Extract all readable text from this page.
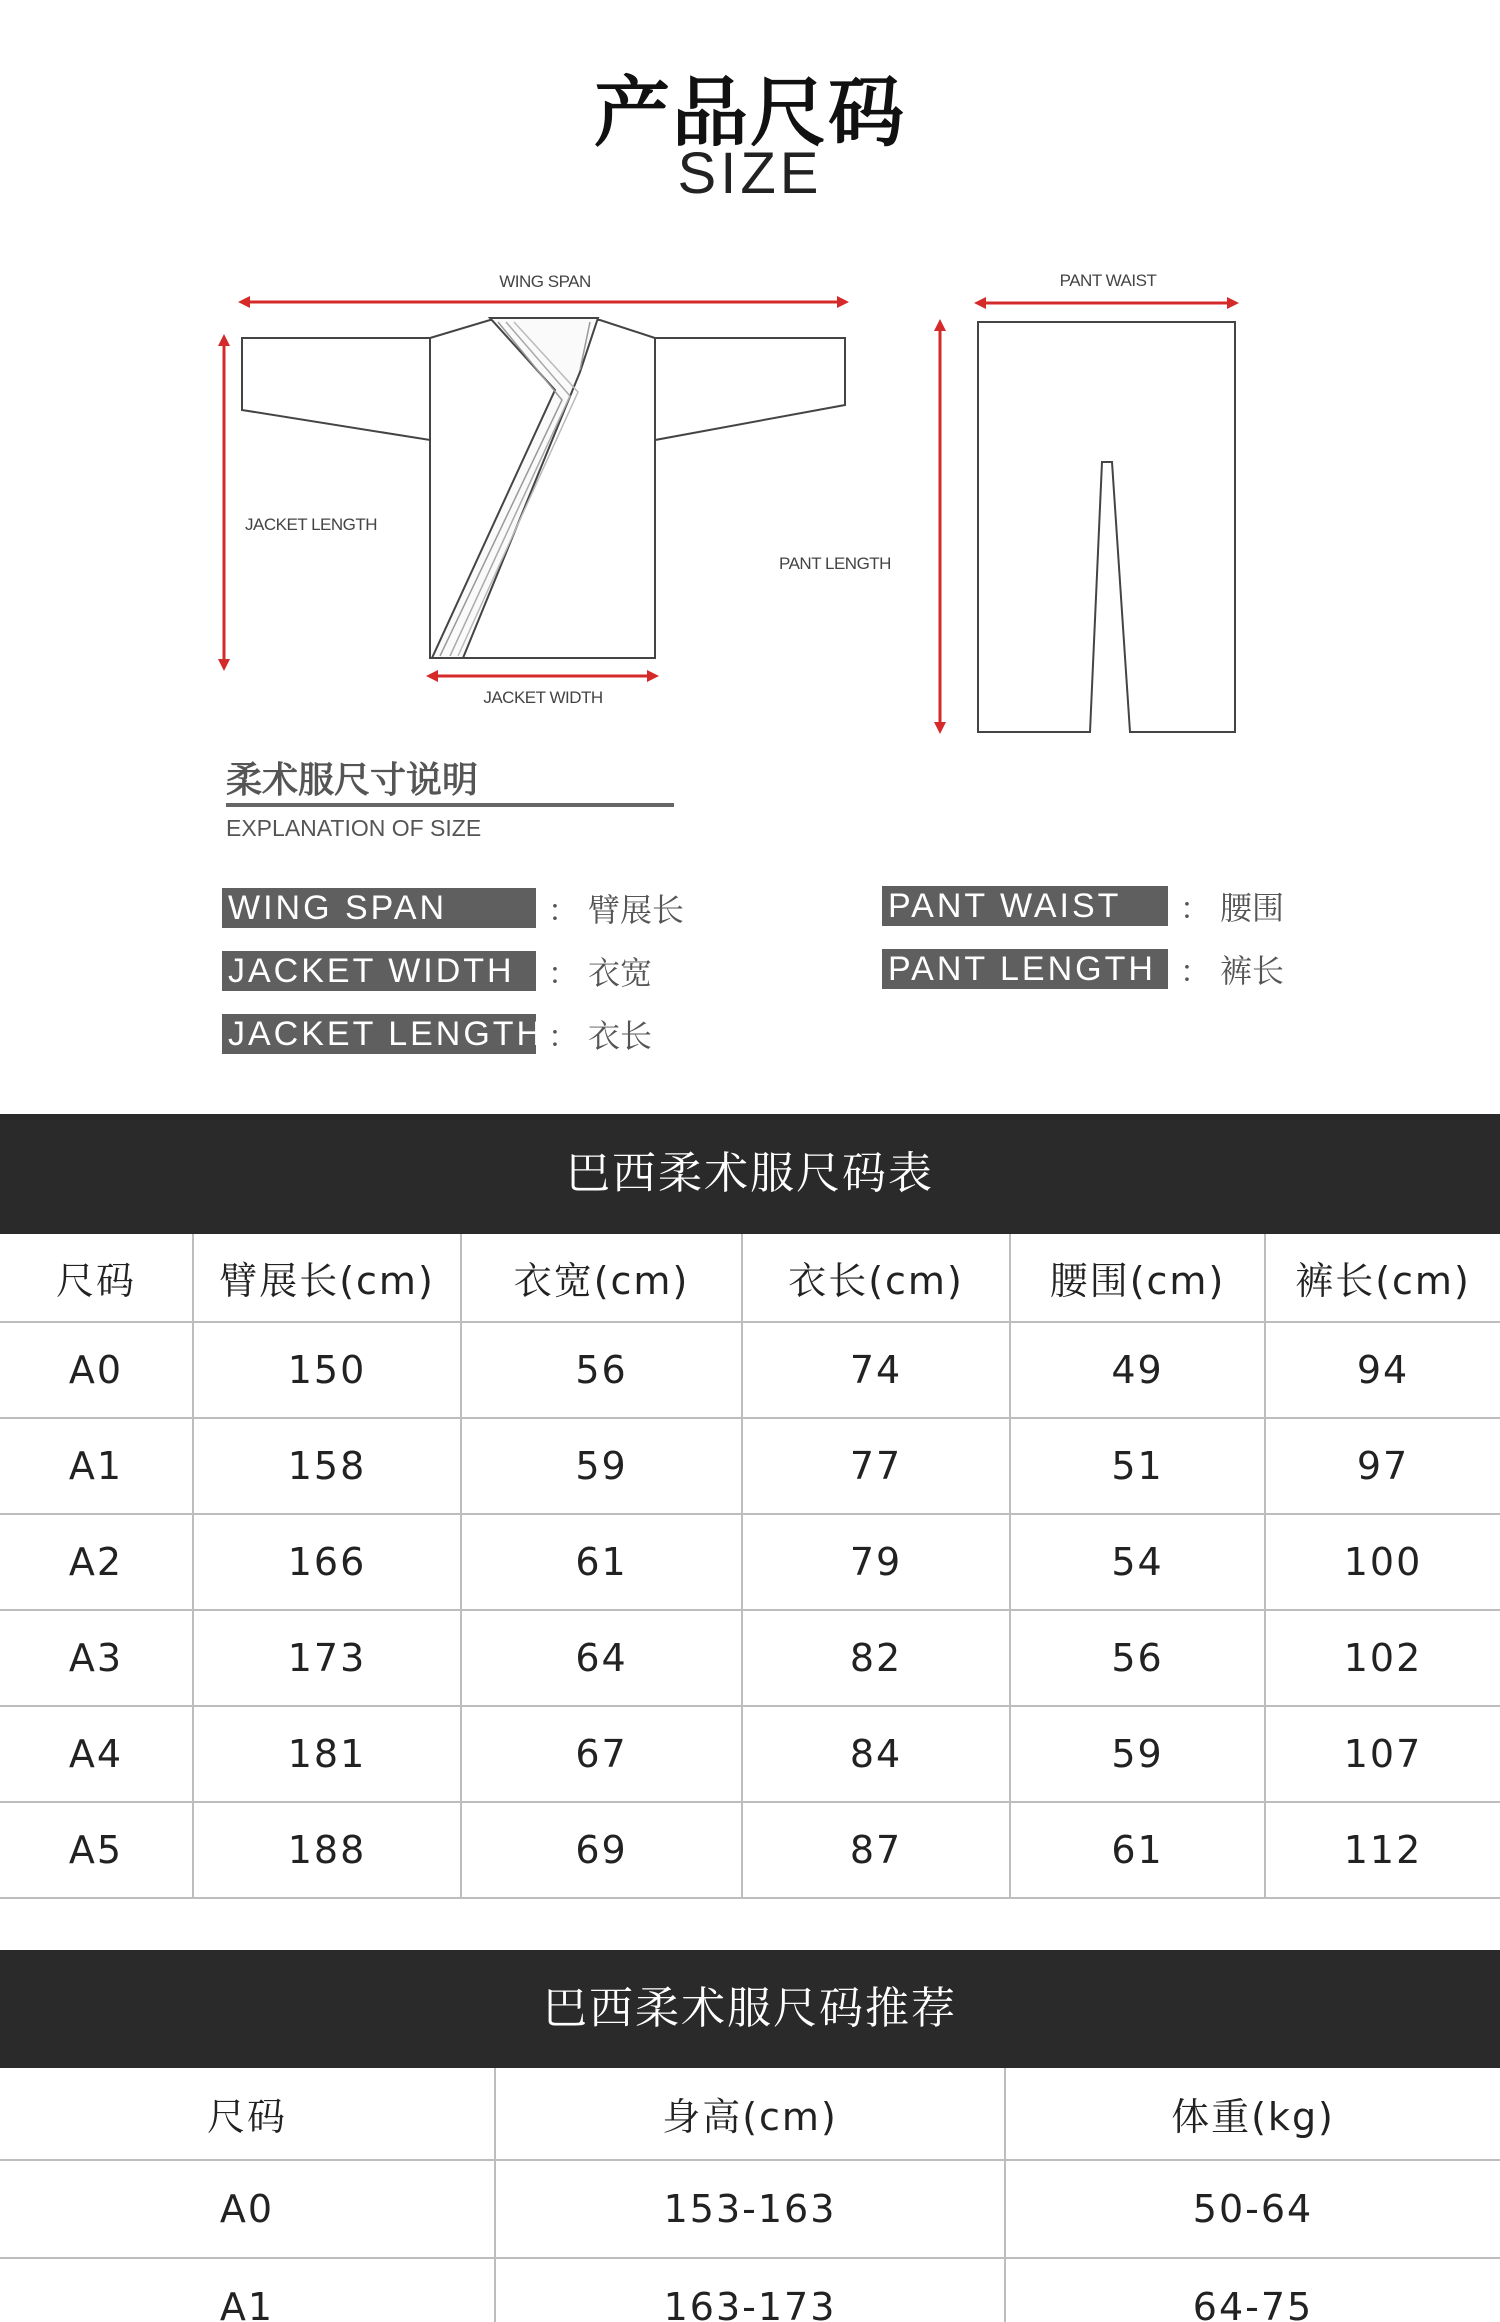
产品尺码
SIZE
WING SPAN
JACKET LENGTH
JACKET WIDTH
PANT WAIST
PANT LENGTH
柔术服尺寸说明
EXPLANATION OF SIZE
WING SPAN	： 臂展长
JACKET WIDTH	： 衣宽
JACKET LENGTH ： 衣长
PANT WAIST	： 腰围
PANT LENGTH ： 裤长
巴西柔术服尺码表
尺码	臂展长(cm)	衣宽(cm)	衣长(cm)	腰围(cm)	裤长(cm)
A0	150	56	74	49	94
A1	158	59	77	51	97
A2	166	61	79	54	100
A3	173	64	82	56	102
A4	181	67	84	59	107
A5	188	69	87	61	112
巴西柔术服尺码推荐
尺码	身高(cm)	体重(kg)
A0	153-163	50-64
A1	163-173	64-75
